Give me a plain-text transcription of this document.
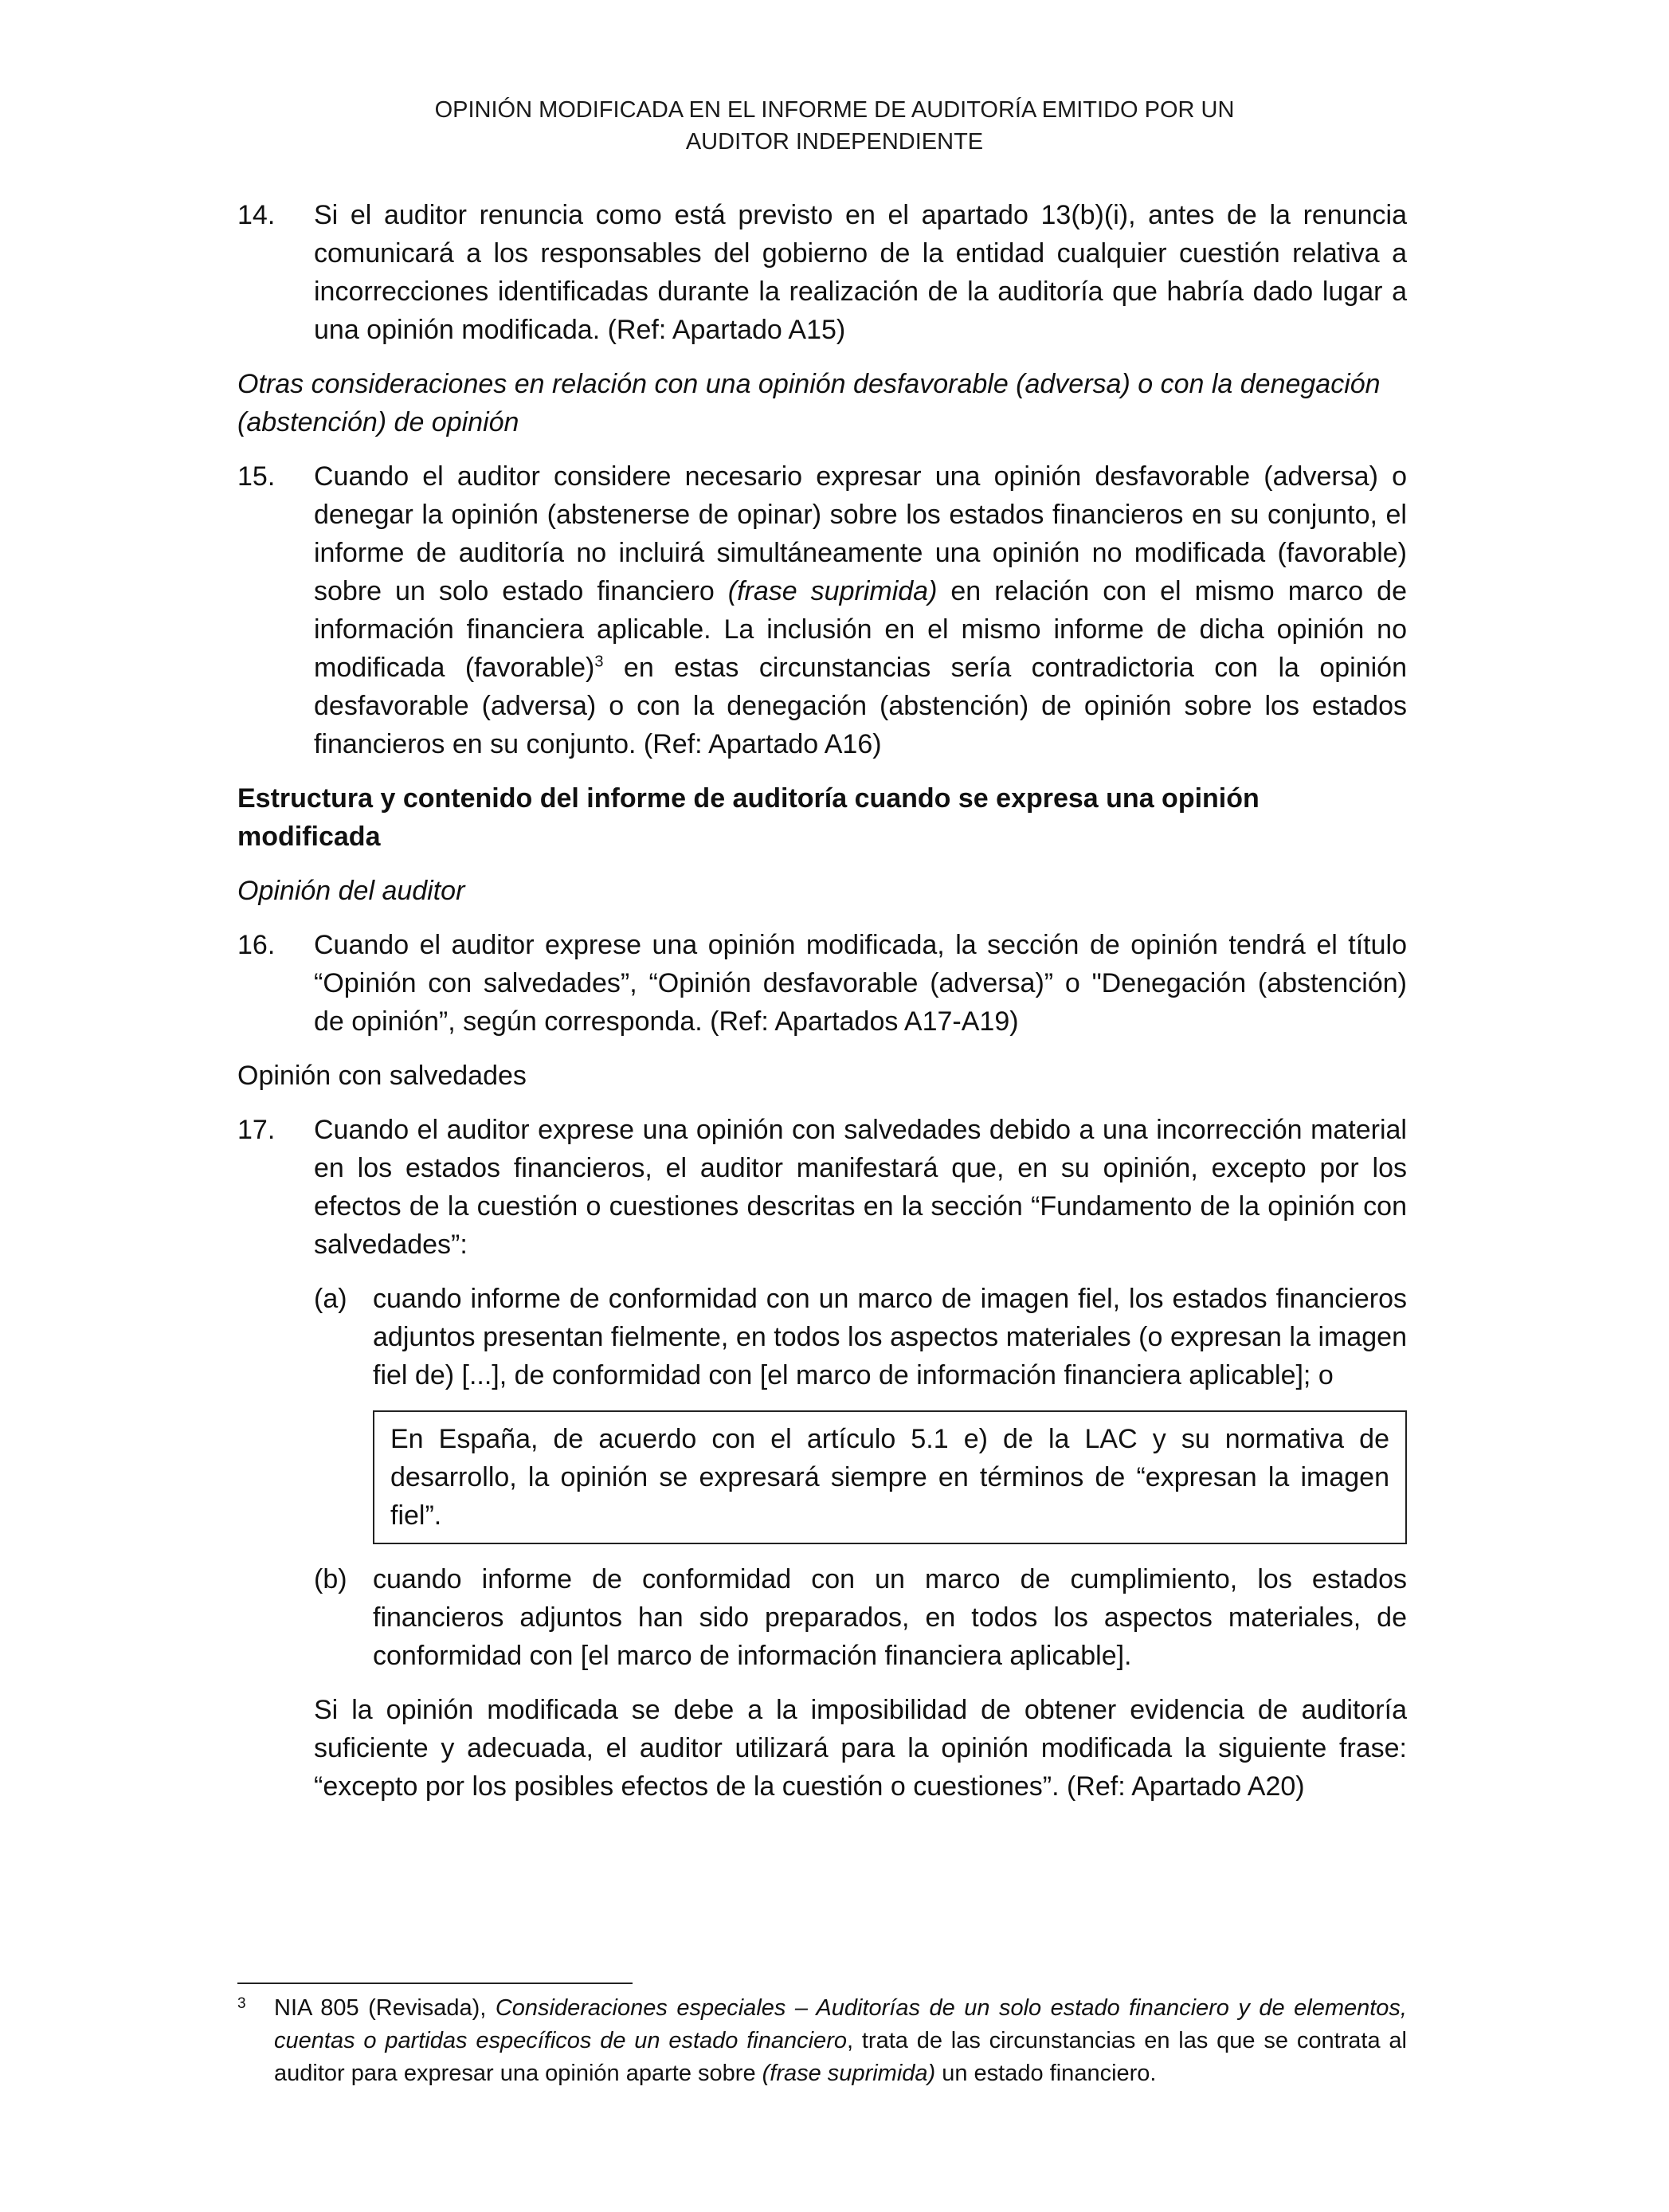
OPINIÓN MODIFICADA EN EL INFORME DE AUDITORÍA EMITIDO POR UN
AUDITOR INDEPENDIENTE
14.	Si el auditor renuncia como está previsto en el apartado 13(b)(i), antes de la renuncia comunicará a los responsables del gobierno de la entidad cualquier cuestión relativa a incorrecciones identificadas durante la realización de la auditoría que habría dado lugar a una opinión modificada. (Ref: Apartado A15)
Otras consideraciones en relación con una opinión desfavorable (adversa) o con la denegación (abstención) de opinión
15.	Cuando el auditor considere necesario expresar una opinión desfavorable (adversa) o denegar la opinión (abstenerse de opinar) sobre los estados financieros en su conjunto, el informe de auditoría no incluirá simultáneamente una opinión no modificada (favorable) sobre un solo estado financiero (frase suprimida) en relación con el mismo marco de información financiera aplicable. La inclusión en el mismo informe de dicha opinión no modificada (favorable)$^3$ en estas circunstancias sería contradictoria con la opinión desfavorable (adversa) o con la denegación (abstención) de opinión sobre los estados financieros en su conjunto. (Ref: Apartado A16)
Estructura y contenido del informe de auditoría cuando se expresa una opinión modificada
Opinión del auditor
16.	Cuando el auditor exprese una opinión modificada, la sección de opinión tendrá el título “Opinión con salvedades”, “Opinión desfavorable (adversa)” o "Denegación (abstención) de opinión”, según corresponda. (Ref: Apartados A17-A19)
Opinión con salvedades
17.	Cuando el auditor exprese una opinión con salvedades debido a una incorrección material en los estados financieros, el auditor manifestará que, en su opinión, excepto por los efectos de la cuestión o cuestiones descritas en la sección “Fundamento de la opinión con salvedades”:
(a) cuando informe de conformidad con un marco de imagen fiel, los estados financieros adjuntos presentan fielmente, en todos los aspectos materiales (o expresan la imagen fiel de) [...], de conformidad con [el marco de información financiera aplicable]; o
En España, de acuerdo con el artículo 5.1 e) de la LAC y su normativa de desarrollo, la opinión se expresará siempre en términos de “expresan la imagen fiel”.
(b) cuando informe de conformidad con un marco de cumplimiento, los estados financieros adjuntos han sido preparados, en todos los aspectos materiales, de conformidad con [el marco de información financiera aplicable].
Si la opinión modificada se debe a la imposibilidad de obtener evidencia de auditoría suficiente y adecuada, el auditor utilizará para la opinión modificada la siguiente frase: “excepto por los posibles efectos de la cuestión o cuestiones”. (Ref: Apartado A20)
3	NIA 805 (Revisada), Consideraciones especiales – Auditorías de un solo estado financiero y de elementos, cuentas o partidas específicos de un estado financiero, trata de las circunstancias en las que se contrata al auditor para expresar una opinión aparte sobre (frase suprimida) un estado financiero.
